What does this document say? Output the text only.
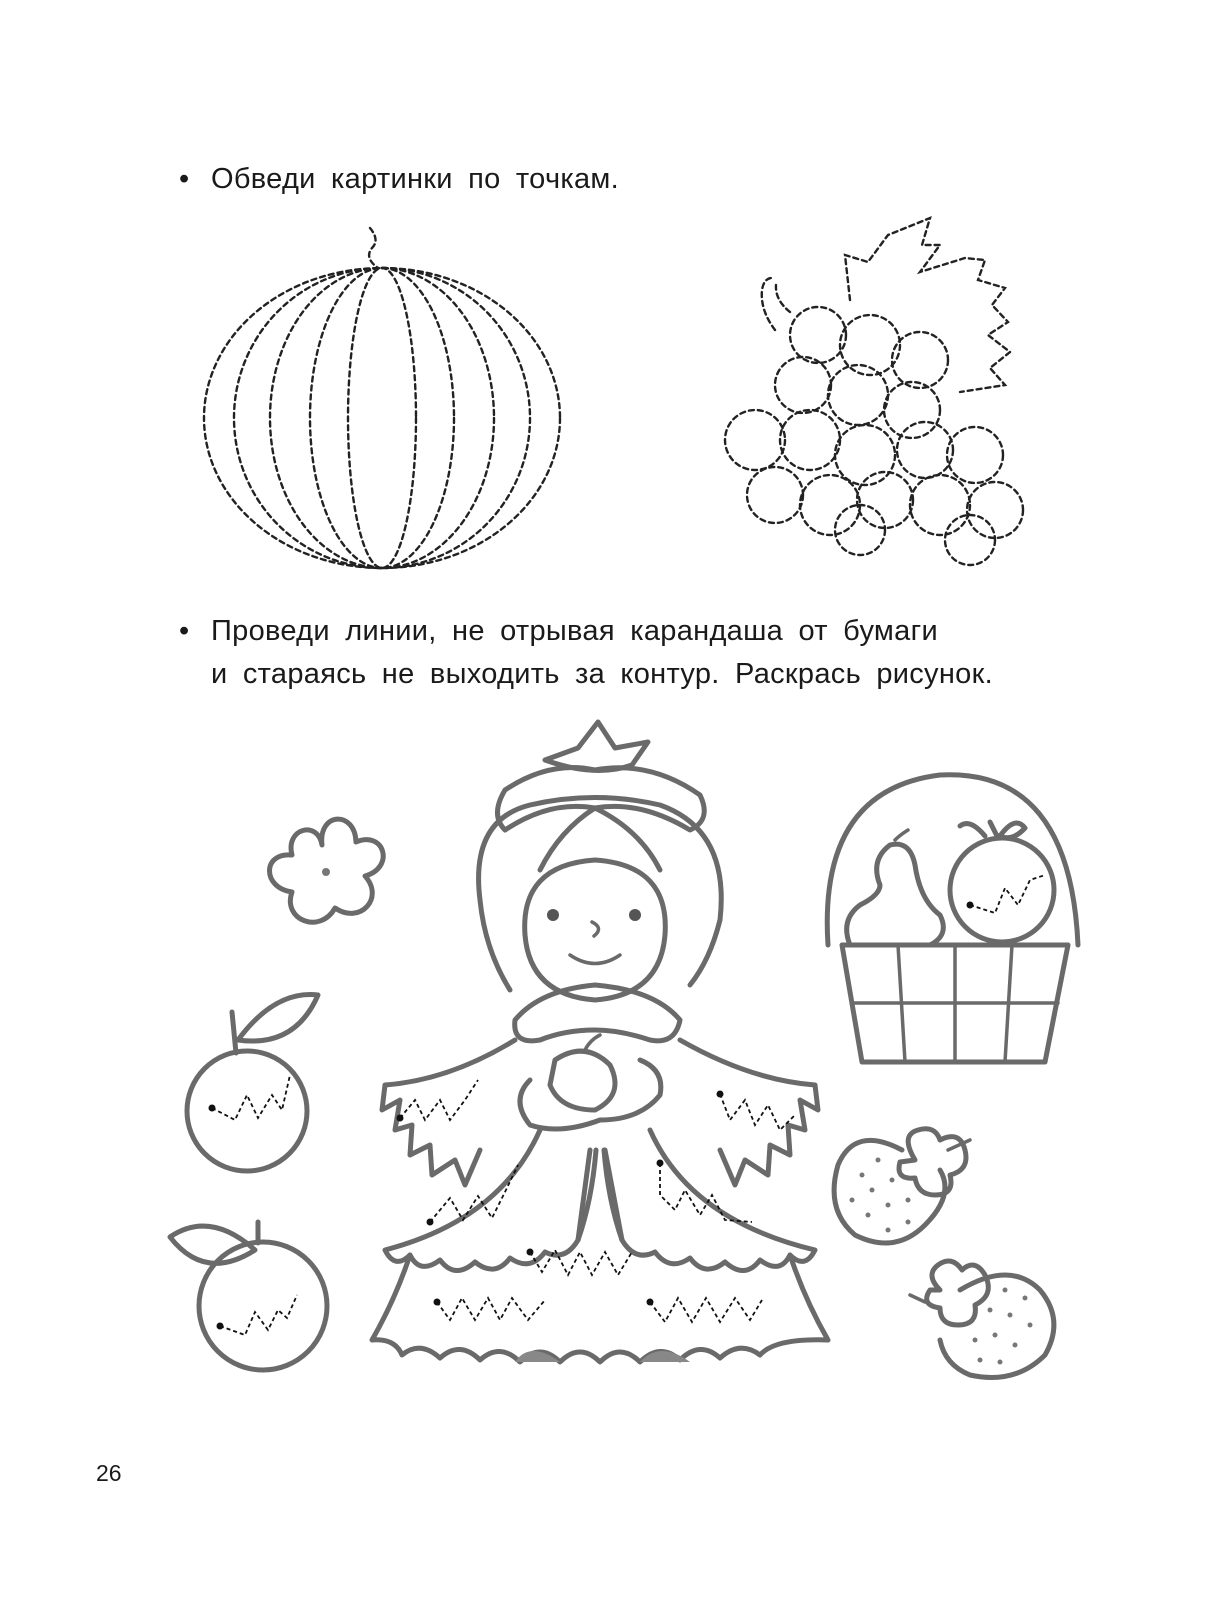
• Обведи картинки по точкам.
• Проведи линии, не отрывая карандаша от бумаги
и стараясь не выходить за контур. Раскрась рисунок.
26
